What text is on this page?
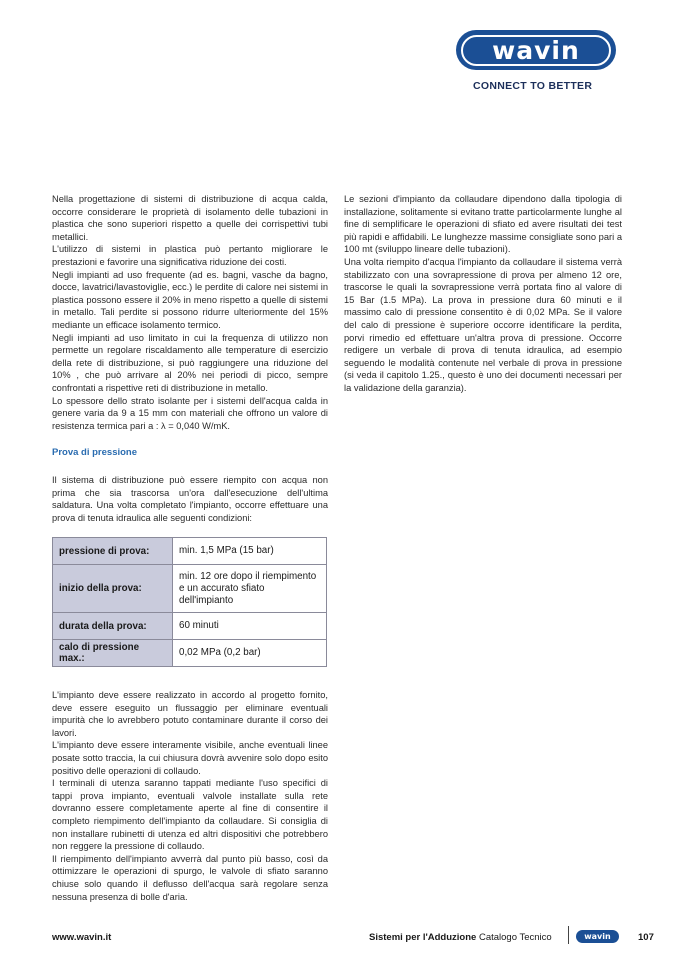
wavin
CONNECT TO BETTER

Nella progettazione di sistemi di distribuzione di acqua calda, occorre considerare le proprietà di isolamento delle tubazioni in plastica che sono superiori rispetto a quelle dei corrispettivi tubi metallici.

L'utilizzo di sistemi in plastica può pertanto migliorare le prestazioni e favorire una significativa riduzione dei costi.

Negli impianti ad uso frequente (ad es. bagni, vasche da bagno, docce, lavatrici/lavastoviglie, ecc.) le perdite di calore nei sistemi in plastica possono essere il 20% in meno rispetto a quelle di sistemi in metallo. Tali perdite si possono ridurre ulteriormente del 15% mediante un efficace isolamento termico.

Negli impianti ad uso limitato in cui la frequenza di utilizzo non permette un regolare riscaldamento alle temperature di esercizio della rete di distribuzione, si può raggiungere una riduzione del 10% , che può arrivare al 20% nei periodi di picco, sempre confrontati a rispettive reti di distribuzione in metallo.

Lo spessore dello strato isolante per i sistemi dell'acqua calda in genere varia da 9 a 15 mm con materiali che offrono un valore di resistenza termica pari a : λ = 0,040 W/mK.

Prova di pressione

Il sistema di distribuzione può essere riempito con acqua non prima che sia trascorsa un'ora dall'esecuzione dell'ultima saldatura. Una volta completato l'impianto, occorre effettuare una prova di tenuta idraulica alle seguenti condizioni:

pressione di prova:	min. 1,5 MPa (15 bar)
inizio della prova:	min. 12 ore dopo il riempimento e un accurato sfiato dell'impianto
durata della prova:	60 minuti
calo di pressione max.:	0,02 MPa (0,2 bar)

L'impianto deve essere realizzato in accordo al progetto fornito, deve essere eseguito un flussaggio per eliminare eventuali impurità che lo avrebbero potuto contaminare durante il corso dei lavori.

L'impianto deve essere interamente visibile, anche eventuali linee posate sotto traccia, la cui chiusura dovrà avvenire solo dopo esito positivo delle operazioni di collaudo.

I terminali di utenza saranno tappati mediante l'uso specifici di tappi prova impianto, eventuali valvole installate sulla rete dovranno essere completamente aperte al fine di consentire il completo riempimento dell'impianto da collaudare. Si consiglia di non installare rubinetti di utenza ed altri dispositivi che potrebbero non reggere la pressione di collaudo.

Il riempimento dell'impianto avverrà dal punto più basso, così da ottimizzare le operazioni di spurgo, le valvole di sfiato saranno chiuse solo quando il deflusso dell'acqua sarà regolare senza nessuna presenza di bolle d'aria.

Le sezioni d'impianto da collaudare dipendono dalla tipologia di installazione, solitamente si evitano tratte particolarmente lunghe al fine di semplificare le operazioni di sfiato ed avere risultati dei test più rapidi e affidabili. Le lunghezze massime consigliate sono pari a 100 mt (sviluppo lineare delle tubazioni).

Una volta riempito d'acqua l'impianto da collaudare il sistema verrà stabilizzato con una sovrapressione di prova per almeno 12 ore, trascorse le quali la sovrapressione verrà portata fino al valore di 15 Bar (1.5 MPa). La prova in pressione dura 60 minuti e il massimo calo di pressione consentito è di 0,02 MPa. Se il valore del calo di pressione è superiore occorre identificare la perdita, porvi rimedio ed effettuare un'altra prova di pressione. Occorre redigere un verbale di prova di tenuta idraulica, ad esempio seguendo le modalità contenute nel verbale di prova in pressione (si veda il capitolo 1.25., questo è uno dei documenti necessari per la validazione della garanzia).

www.wavin.it	Sistemi per l'Adduzione Catalogo Tecnico	wavin	107
